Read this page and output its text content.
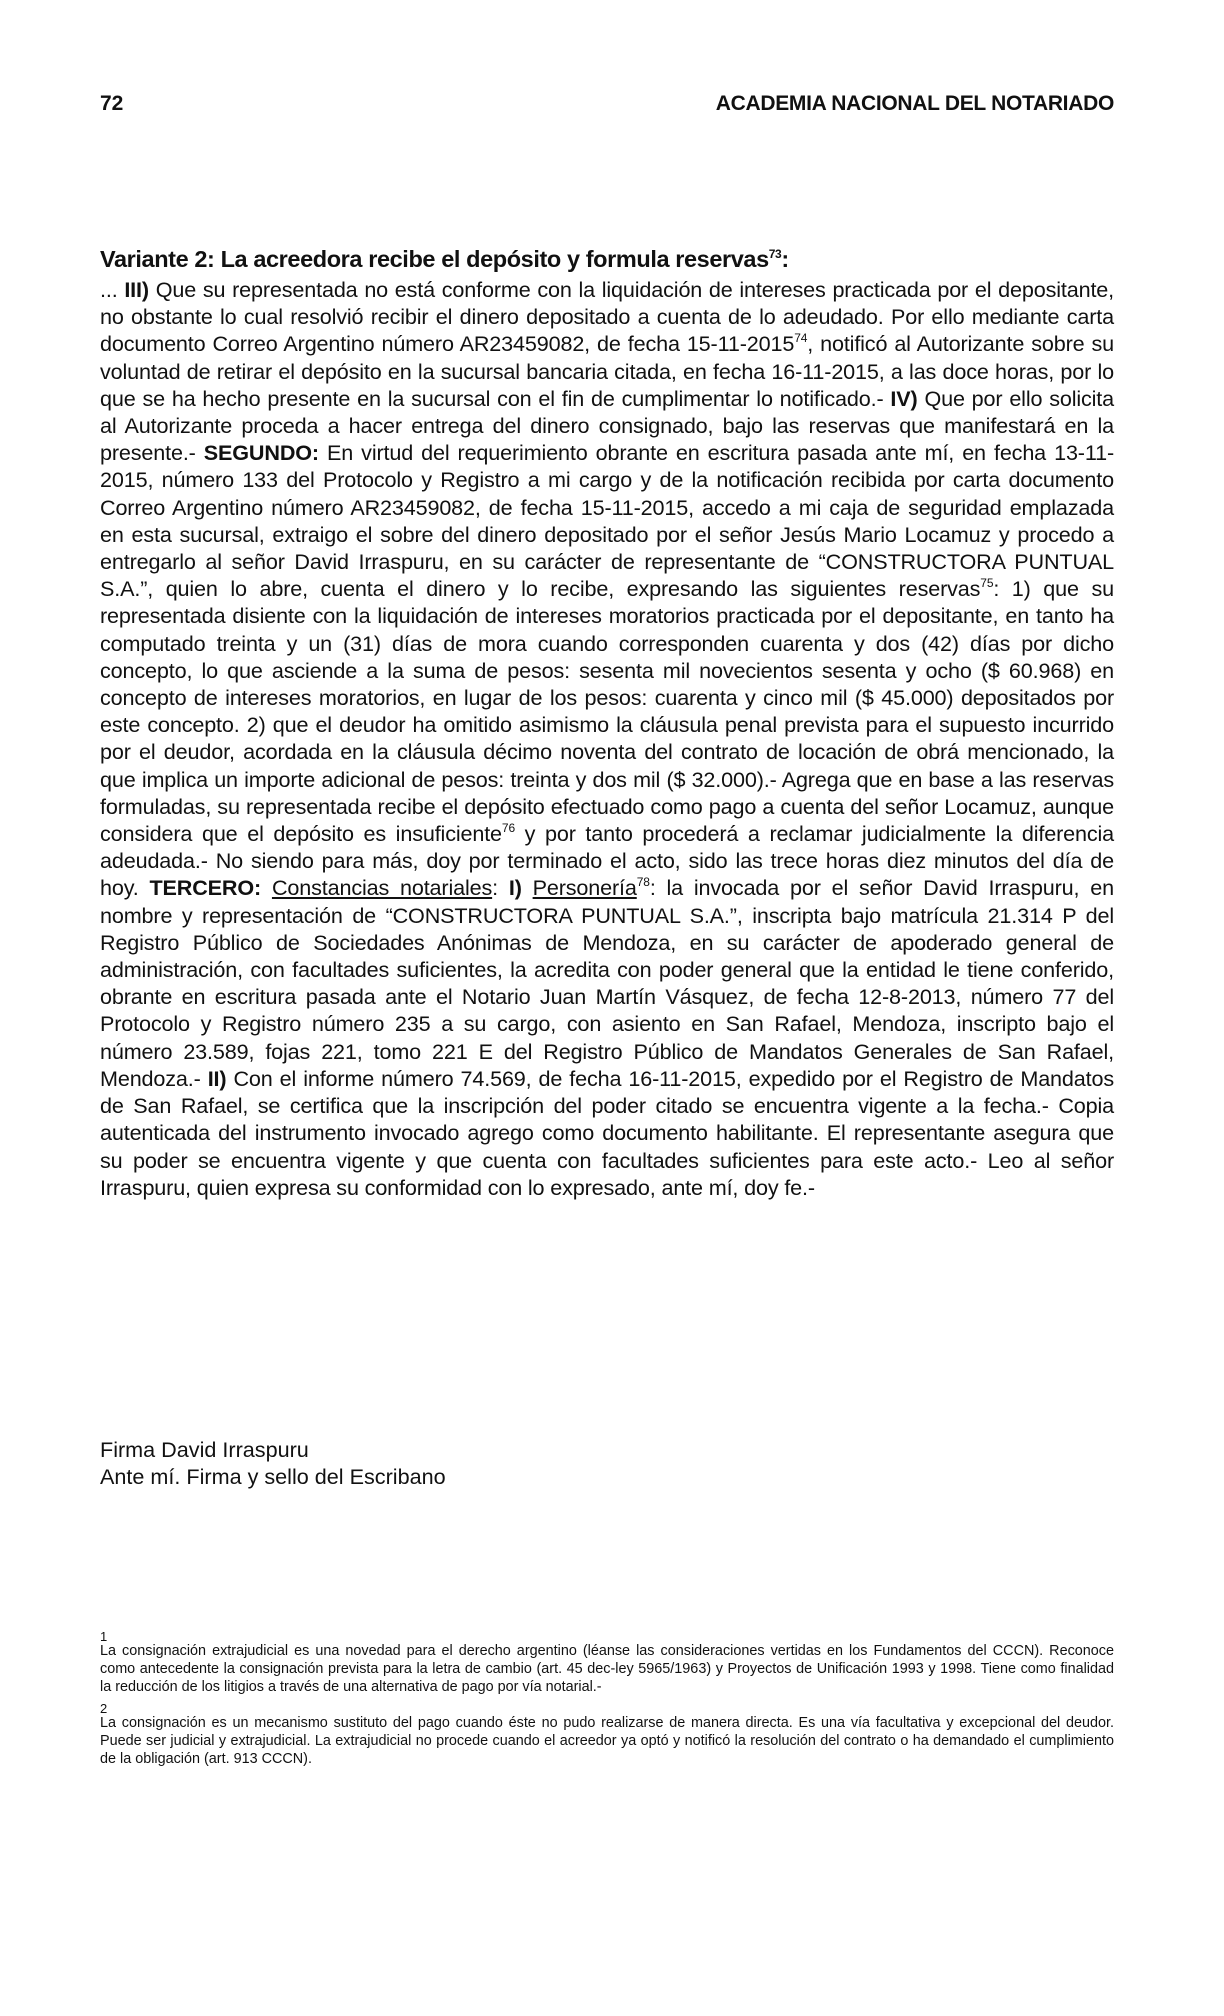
72	ACADEMIA NACIONAL DEL NOTARIADO
Variante 2: La acreedora recibe el depósito y formula reservas$^{73}$:

... III) Que su representada no está conforme con la liquidación de intereses practicada por el depositante, no obstante lo cual resolvió recibir el dinero depositado a cuenta de lo adeudado. Por ello mediante carta documento Correo Argentino número AR23459082, de fecha 15-11-2015$^{74}$, notificó al Autorizante sobre su voluntad de retirar el depósito en la sucursal bancaria citada, en fecha 16-11-2015, a las doce horas, por lo que se ha hecho presente en la sucursal con el fin de cumplimentar lo notificado.- IV) Que por ello solicita al Autorizante proceda a hacer entrega del dinero consignado, bajo las reservas que manifestará en la presente.- SEGUNDO: En virtud del requerimiento obrante en escritura pasada ante mí, en fecha 13-11-2015, número 133 del Protocolo y Registro a mi cargo y de la notificación recibida por carta documento Correo Argentino número AR23459082, de fecha 15-11-2015, accedo a mi caja de seguridad emplazada en esta sucursal, extraigo el sobre del dinero depositado por el señor Jesús Mario Locamuz y procedo a entregarlo al señor David Irraspuru, en su carácter de representante de “CONSTRUCTORA PUNTUAL S.A.”, quien lo abre, cuenta el dinero y lo recibe, expresando las siguientes reservas$^{75}$: 1) que su representada disiente con la liquidación de intereses moratorios practicada por el depositante, en tanto ha computado treinta y un (31) días de mora cuando corresponden cuarenta y dos (42) días por dicho concepto, lo que asciende a la suma de pesos: sesenta mil novecientos sesenta y ocho ($ 60.968) en concepto de intereses moratorios, en lugar de los pesos: cuarenta y cinco mil ($ 45.000) depositados por este concepto. 2) que el deudor ha omitido asimismo la cláusula penal prevista para el supuesto incurrido por el deudor, acordada en la cláusula décimo noventa del contrato de locación de obrá mencionado, la que implica un importe adicional de pesos: treinta y dos mil ($ 32.000).- Agrega que en base a las reservas formuladas, su representada recibe el depósito efectuado como pago a cuenta del señor Locamuz, aunque considera que el depósito es insuficiente$^{76}$ y por tanto procederá a reclamar judicialmente la diferencia adeudada.- No siendo para más, doy por terminado el acto, sido las trece horas diez minutos del día de hoy. TERCERO: Constancias notariales: I) Personería$^{78}$: la invocada por el señor David Irraspuru, en nombre y representación de “CONSTRUCTORA PUNTUAL S.A.”, inscripta bajo matrícula 21.314 P del Registro Público de Sociedades Anónimas de Mendoza, en su carácter de apoderado general de administración, con facultades suficientes, la acredita con poder general que la entidad le tiene conferido, obrante en escritura pasada ante el Notario Juan Martín Vásquez, de fecha 12-8-2013, número 77 del Protocolo y Registro número 235 a su cargo, con asiento en San Rafael, Mendoza, inscripto bajo el número 23.589, fojas 221, tomo 221 E del Registro Público de Mandatos Generales de San Rafael, Mendoza.- II) Con el informe número 74.569, de fecha 16-11-2015, expedido por el Registro de Mandatos de San Rafael, se certifica que la inscripción del poder citado se encuentra vigente a la fecha.- Copia autenticada del instrumento invocado agrego como documento habilitante. El representante asegura que su poder se encuentra vigente y que cuenta con facultades suficientes para este acto.- Leo al señor Irraspuru, quien expresa su conformidad con lo expresado, ante mí, doy fe.-

Firma David Irraspuru
Ante mí. Firma y sello del Escribano
1
La consignación extrajudicial es una novedad para el derecho argentino (léanse las consideraciones vertidas en los Fundamentos del CCCN). Reconoce como antecedente la consignación prevista para la letra de cambio (art. 45 dec-ley 5965/1963) y Proyectos de Unificación 1993 y 1998. Tiene como finalidad la reducción de los litigios a través de una alternativa de pago por vía notarial.-
2
La consignación es un mecanismo sustituto del pago cuando éste no pudo realizarse de manera directa. Es una vía facultativa y excepcional del deudor. Puede ser judicial y extrajudicial. La extrajudicial no procede cuando el acreedor ya optó y notificó la resolución del contrato o ha demandado el cumplimiento de la obligación (art. 913 CCCN).
